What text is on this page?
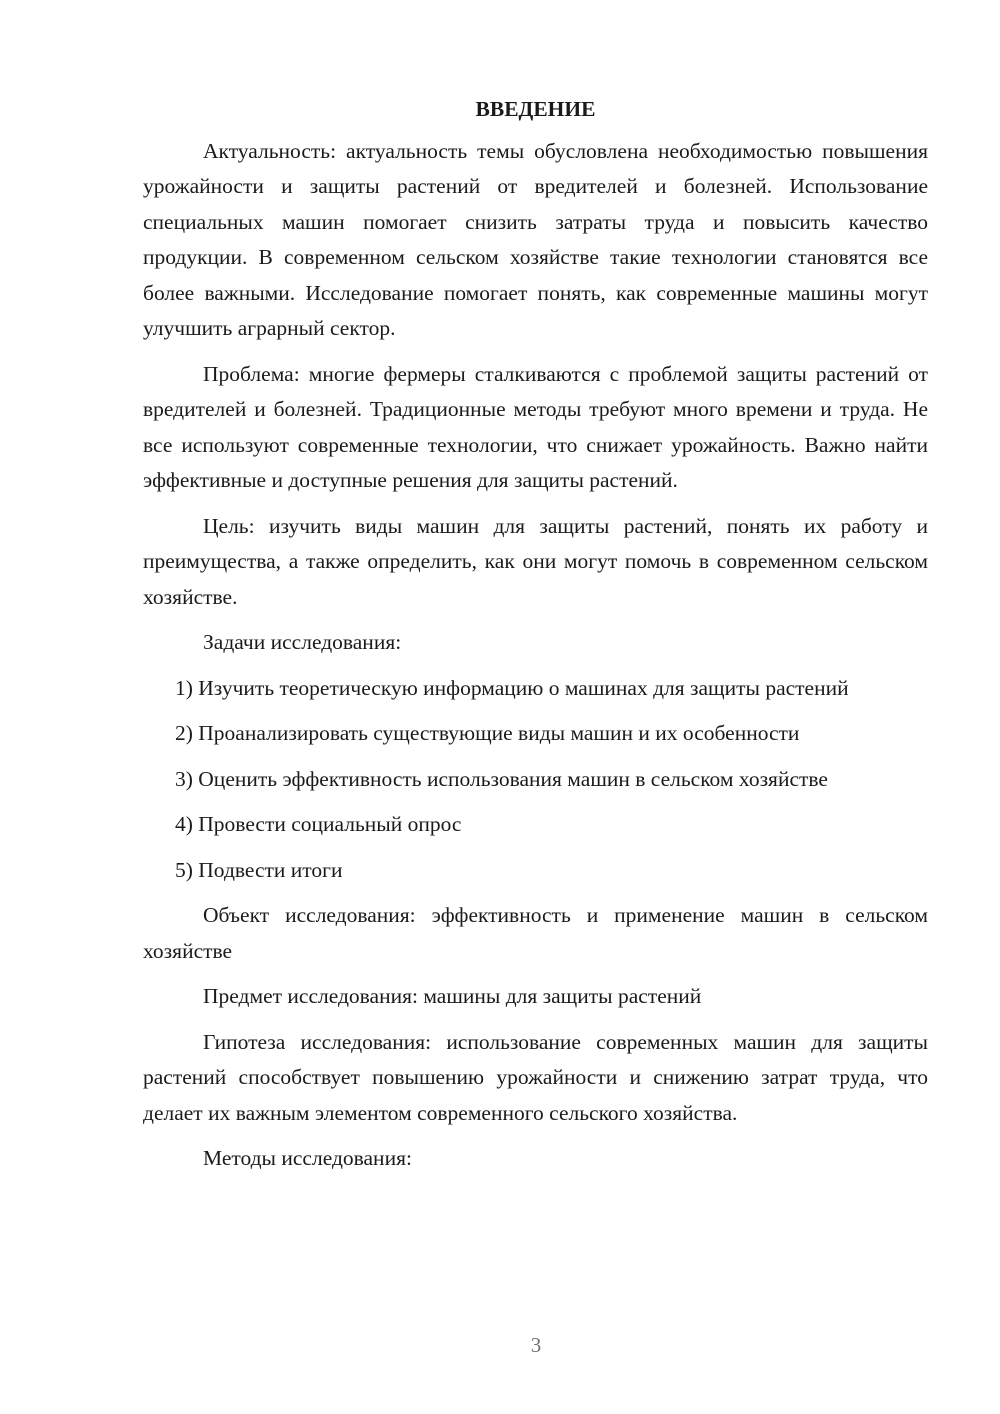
ВВЕДЕНИЕ

Актуальность: актуальность темы обусловлена необходимостью повышения урожайности и защиты растений от вредителей и болезней. Использование специальных машин помогает снизить затраты труда и повысить качество продукции. В современном сельском хозяйстве такие технологии становятся все более важными. Исследование помогает понять, как современные машины могут улучшить аграрный сектор.

Проблема: многие фермеры сталкиваются с проблемой защиты растений от вредителей и болезней. Традиционные методы требуют много времени и труда. Не все используют современные технологии, что снижает урожайность. Важно найти эффективные и доступные решения для защиты растений.

Цель: изучить виды машин для защиты растений, понять их работу и преимущества, а также определить, как они могут помочь в современном сельском хозяйстве.

Задачи исследования:

1) Изучить теоретическую информацию о машинах для защиты растений

2) Проанализировать существующие виды машин и их особенности

3) Оценить эффективность использования машин в сельском хозяйстве

4) Провести социальный опрос

5) Подвести итоги

Объект исследования: эффективность и применение машин в сельском хозяйстве

Предмет исследования: машины для защиты растений

Гипотеза исследования: использование современных машин для защиты растений способствует повышению урожайности и снижению затрат труда, что делает их важным элементом современного сельского хозяйства.

Методы исследования:

3
